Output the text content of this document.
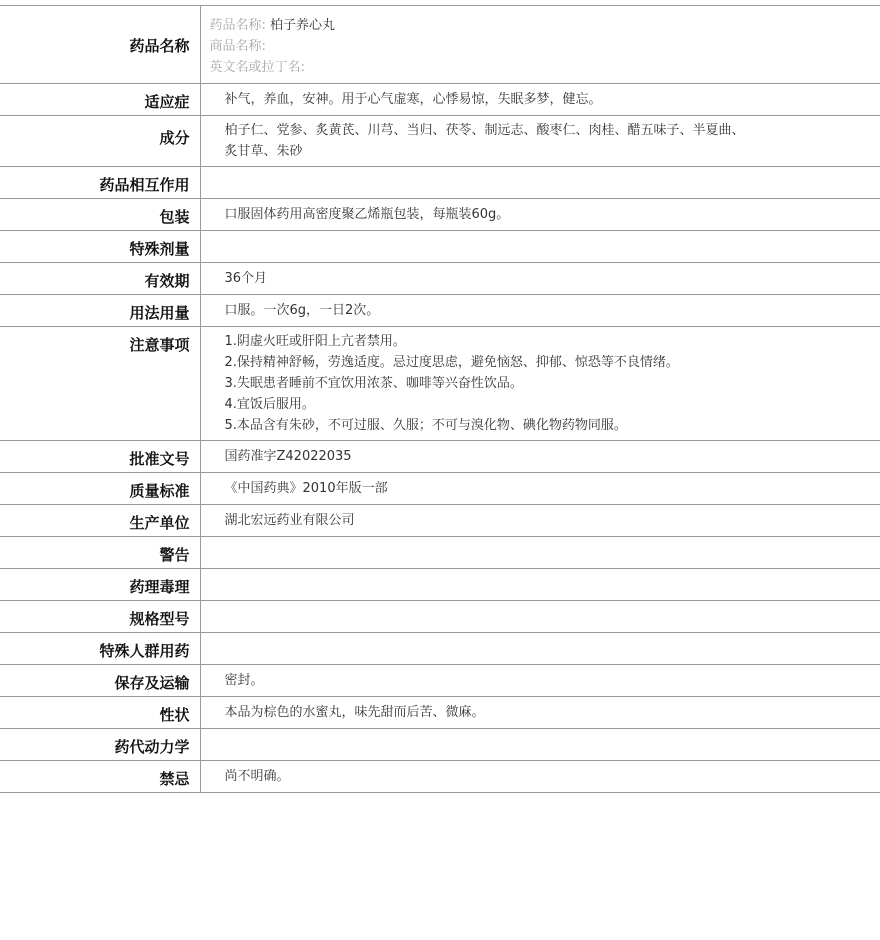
药品名称	药品名称: 柏子养心丸
商品名称:
英文名或拉丁名:

适应症	补气，养血，安神。用于心气虚寒，心悸易惊，失眠多梦，健忘。
成分	柏子仁、党参、炙黄芪、川芎、当归、茯苓、制远志、酸枣仁、肉桂、醋五味子、半夏曲、
炙甘草、朱砂

药品相互作用	
包装	口服固体药用高密度聚乙烯瓶包装，每瓶装60g。
特殊剂量	
有效期	36个月
用法用量	口服。一次6g，一日2次。
注意事项	1.阴虚火旺或肝阳上亢者禁用。
2.保持精神舒畅，劳逸适度。忌过度思虑，避免恼怒、抑郁、惊恐等不良情绪。
3.失眠患者睡前不宜饮用浓茶、咖啡等兴奋性饮品。
4.宜饭后服用。
5.本品含有朱砂，不可过服、久服；不可与溴化物、碘化物药物同服。

批准文号	国药准字Z42022035
质量标准	《中国药典》2010年版一部
生产单位	湖北宏远药业有限公司
警告	
药理毒理	
规格型号	
特殊人群用药	
保存及运输	密封。
性状	本品为棕色的水蜜丸，味先甜而后苦、微麻。
药代动力学	
禁忌	尚不明确。
